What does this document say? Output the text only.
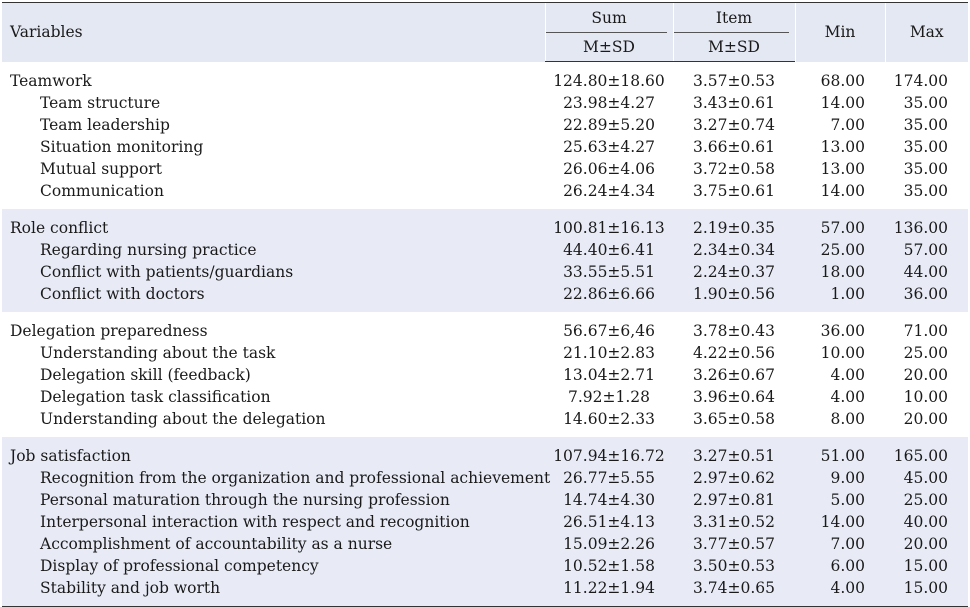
Variables	Sum	Item	Min	Max
	M±SD	M±SD		
Teamwork	124.80±18.60	3.57±0.53	68.00	174.00
Team structure	23.98±4.27	3.43±0.61	14.00	35.00
Team leadership	22.89±5.20	3.27±0.74	7.00	35.00
Situation monitoring	25.63±4.27	3.66±0.61	13.00	35.00
Mutual support	26.06±4.06	3.72±0.58	13.00	35.00
Communication	26.24±4.34	3.75±0.61	14.00	35.00
Role conflict	100.81±16.13	2.19±0.35	57.00	136.00
Regarding nursing practice	44.40±6.41	2.34±0.34	25.00	57.00
Conflict with patients/guardians	33.55±5.51	2.24±0.37	18.00	44.00
Conflict with doctors	22.86±6.66	1.90±0.56	1.00	36.00
Delegation preparedness	56.67±6,46	3.78±0.43	36.00	71.00
Understanding about the task	21.10±2.83	4.22±0.56	10.00	25.00
Delegation skill (feedback)	13.04±2.71	3.26±0.67	4.00	20.00
Delegation task classification	7.92±1.28	3.96±0.64	4.00	10.00
Understanding about the delegation	14.60±2.33	3.65±0.58	8.00	20.00
Job satisfaction	107.94±16.72	3.27±0.51	51.00	165.00
Recognition from the organization and professional achievement	26.77±5.55	2.97±0.62	9.00	45.00
Personal maturation through the nursing profession	14.74±4.30	2.97±0.81	5.00	25.00
Interpersonal interaction with respect and recognition	26.51±4.13	3.31±0.52	14.00	40.00
Accomplishment of accountability as a nurse	15.09±2.26	3.77±0.57	7.00	20.00
Display of professional competency	10.52±1.58	3.50±0.53	6.00	15.00
Stability and job worth	11.22±1.94	3.74±0.65	4.00	15.00
